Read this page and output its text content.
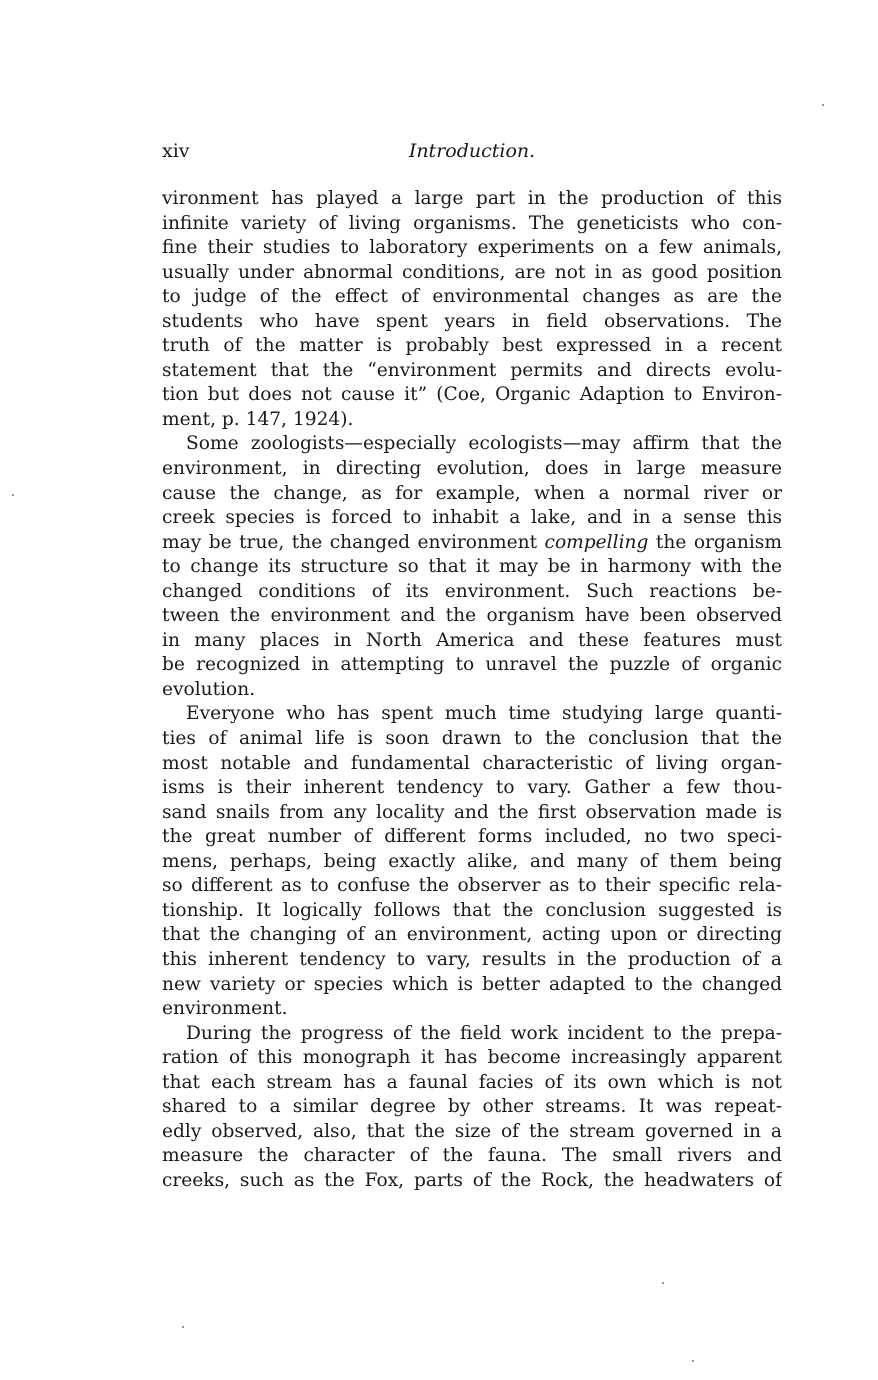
xiv	Introduction.
vironment has played a large part in the production of this
infinite variety of living organisms. The geneticists who con-
fine their studies to laboratory experiments on a few animals,
usually under abnormal conditions, are not in as good position
to judge of the effect of environmental changes as are the
students who have spent years in field observations. The
truth of the matter is probably best expressed in a recent
statement that the “environment permits and directs evolu-
tion but does not cause it” (Coe, Organic Adaption to Environ-
ment, p. 147, 1924).
Some zoologists—especially ecologists—may affirm that the
environment, in directing evolution, does in large measure
cause the change, as for example, when a normal river or
creek species is forced to inhabit a lake, and in a sense this
may be true, the changed environment compelling the organism
to change its structure so that it may be in harmony with the
changed conditions of its environment. Such reactions be-
tween the environment and the organism have been observed
in many places in North America and these features must
be recognized in attempting to unravel the puzzle of organic
evolution.
Everyone who has spent much time studying large quanti-
ties of animal life is soon drawn to the conclusion that the
most notable and fundamental characteristic of living organ-
isms is their inherent tendency to vary. Gather a few thou-
sand snails from any locality and the first observation made is
the great number of different forms included, no two speci-
mens, perhaps, being exactly alike, and many of them being
so different as to confuse the observer as to their specific rela-
tionship. It logically follows that the conclusion suggested is
that the changing of an environment, acting upon or directing
this inherent tendency to vary, results in the production of a
new variety or species which is better adapted to the changed
environment.
During the progress of the field work incident to the prepa-
ration of this monograph it has become increasingly apparent
that each stream has a faunal facies of its own which is not
shared to a similar degree by other streams. It was repeat-
edly observed, also, that the size of the stream governed in a
measure the character of the fauna. The small rivers and
creeks, such as the Fox, parts of the Rock, the headwaters of
